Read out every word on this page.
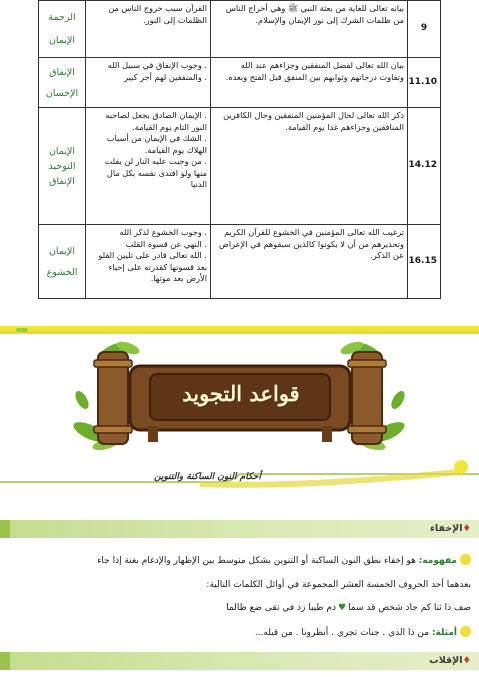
9	بيانه تعالى للغاية من بعثة النبي ﷺ وهي أخراج الناس من ظلمات الشرك إلى نور الإيمان والإسلام.	القرآن سبب خروج الناس من الظلمات إلى النور.	الرحمة
الإيمان

11.10	بيان الله تعالى لفضل المنفقين وجزاءهم عند الله وتفاوت درجاتهم وثوابهم بين المنفق قبل الفتح وبعده.	. وجوب الإنفاق في سبيل الله
. والمنفقين لهم أجر كبير	الإنفاق
الإحسان

14.12	ذكر الله تعالى لحال المؤمنين المنفقين وحال الكافرين المنافقين وجزاءهم غدا يوم القيامة.	. الإيمان الصادق يجعل لصاحبه النور التام يوم القيامة.
. الشك في الإيمان من أسباب الهلاك يوم القيامة.
. من وجبت عليه النار لن يفلت منها ولو افتدى نفسه بكل مال الدنيا	الإيمان
التوحيد
الإنفاق

16.15	ترغيب الله تعالى المؤمنين في الخشوع للقرآن الكريم وتحذيرهم من أن لا يكونوا كالذين سبقوهم في الإعراض عن الذكر.	. وجوب الخشوع لذكر الله
. النهي عن قسوة القلب
. الله تعالى قادر على تليين القلو بعد قسوتها كقدرته على إحياء الأرض بعد موتها.	الإيمان
الخشوع
قواعد التجويد
أحكام النون الساكنة والتنوين
♦الإخفاء
مفهومه: هو إخفاء نطق النون الساكنة أو التنوين بشكل متوسط بين الإظهار والإدغام بغنة إذا جاء
بعدهما أحد الحروف الخمسة العشر المجموعة في أوائل الكلمات التالية:
صف ذا ثنا كم جاد شخص قد سما♥دم طيبا زد في تقى ضع ظالما
أمثلة: من ذا الذي . جنات تجري . أنظرونا . من قبله...
♦الإقلاب
